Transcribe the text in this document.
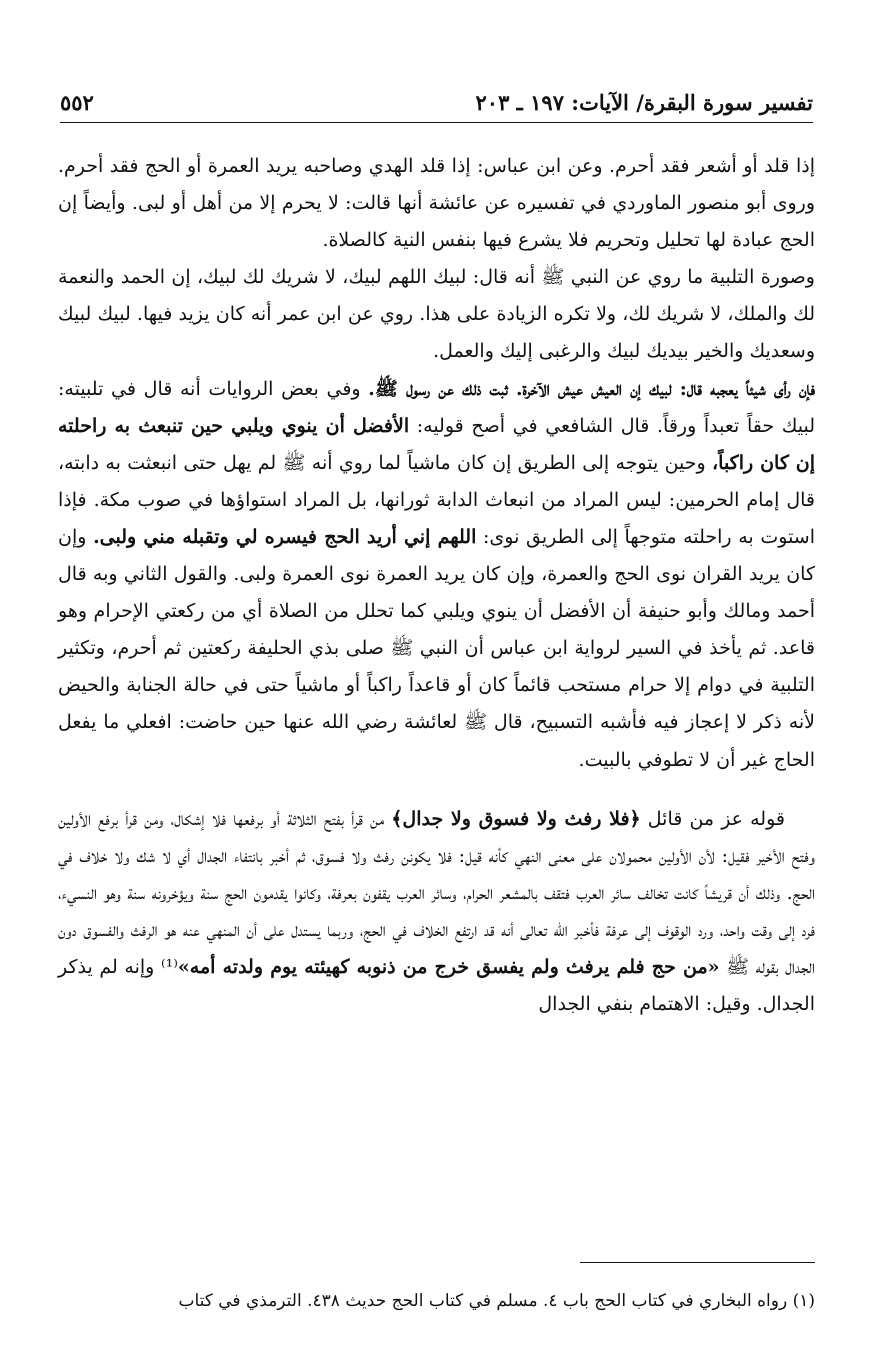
تفسير سورة البقرة/ الآيات: ١٩٧ ـ ٢٠٣
٥٥٢

إذا قلد أو أشعر فقد أحرم. وعن ابن عباس: إذا قلد الهدي وصاحبه يريد العمرة أو الحج فقد أحرم. وروى أبو منصور الماوردي في تفسيره عن عائشة أنها قالت: لا يحرم إلا من أهل أو لبى. وأيضاً إن الحج عبادة لها تحليل وتحريم فلا يشرع فيها بنفس النية كالصلاة.

وصورة التلبية ما روي عن النبي ﷺ أنه قال: لبيك اللهم لبيك، لا شريك لك لبيك، إن الحمد والنعمة لك والملك، لا شريك لك، ولا تكره الزيادة على هذا. روي عن ابن عمر أنه كان يزيد فيها. لبيك لبيك وسعديك والخير بيديك لبيك والرغبى إليك والعمل.

فإن رأى شيئاً يعجبه قال: لبيك إن العيش عيش الآخرة. ثبت ذلك عن رسول ﷺ. وفي بعض الروايات أنه قال في تلبيته: لبيك حقاً تعبداً ورقاً. قال الشافعي في أصح قوليه: الأفضل أن ينوي ويلبي حين تنبعث به راحلته إن كان راكباً، وحين يتوجه إلى الطريق إن كان ماشياً لما روي أنه ﷺ لم يهل حتى انبعثت به دابته، قال إمام الحرمين: ليس المراد من انبعاث الدابة ثورانها، بل المراد استواؤها في صوب مكة. فإذا استوت به راحلته متوجهاً إلى الطريق نوى: اللهم إني أريد الحج فيسره لي وتقبله مني ولبى. وإن كان يريد القران نوى الحج والعمرة، وإن كان يريد العمرة نوى العمرة ولبى. والقول الثاني وبه قال أحمد ومالك وأبو حنيفة أن الأفضل أن ينوي ويلبي كما تحلل من الصلاة أي من ركعتي الإحرام وهو قاعد. ثم يأخذ في السير لرواية ابن عباس أن النبي ﷺ صلى بذي الحليفة ركعتين ثم أحرم، وتكثير التلبية في دوام إلا حرام مستحب قائماً كان أو قاعداً راكباً أو ماشياً حتى في حالة الجنابة والحيض لأنه ذكر لا إعجاز فيه فأشبه التسبيح، قال ﷺ لعائشة رضي الله عنها حين حاضت: افعلي ما يفعل الحاج غير أن لا تطوفي بالبيت.

قوله عز من قائل ﴿فلا رفث ولا فسوق ولا جدال﴾ من قرأ بفتح الثلاثة أو برفعها فلا إشكال، ومن قرأ برفع الأولين وفتح الأخير فقيل: لأن الأولين محمولان على معنى النهي كأنه قيل: فلا يكونن رفث ولا فسوق، ثم أخبر بانتفاء الجدال أي لا شك ولا خلاف في الحج. وذلك أن قريشاً كانت تخالف سائر العرب فتقف بالمشعر الحرام، وسائر العرب يقفون بعرفة، وكانوا يقدمون الحج سنة ويؤخرونه سنة وهو النسيء، فرد إلى وقت واحد، ورد الوقوف إلى عرفة فأخبر الله تعالى أنه قد ارتفع الخلاف في الحج، وربما يستدل على أن المنهي عنه هو الرفث والفسوق دون الجدال بقوله ﷺ «من حج فلم يرفث ولم يفسق خرج من ذنوبه كهيئته يوم ولدته أمه»⁽¹⁾ وإنه لم يذكر الجدال. وقيل: الاهتمام بنفي الجدال

(١) رواه البخاري في كتاب الحج باب ٤. مسلم في كتاب الحج حديث ٤٣٨. الترمذي في كتاب
